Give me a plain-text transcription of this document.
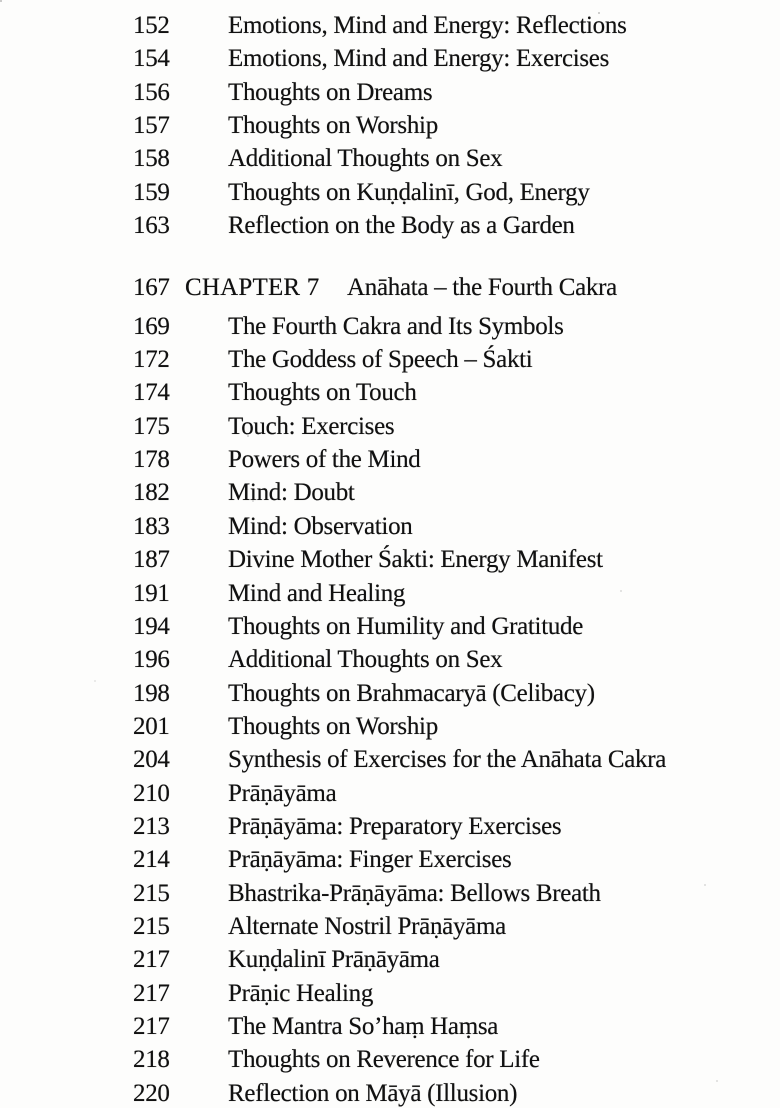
152	Emotions, Mind and Energy: Reflections
154	Emotions, Mind and Energy: Exercises
156	Thoughts on Dreams
157	Thoughts on Worship
158	Additional Thoughts on Sex
159	Thoughts on Kuṇḍalinī, God, Energy
163	Reflection on the Body as a Garden
167 CHAPTER 7	Anāhata – the Fourth Cakra
169	The Fourth Cakra and Its Symbols
172	The Goddess of Speech – Śakti
174	Thoughts on Touch
175	Touch: Exercises
178	Powers of the Mind
182	Mind: Doubt
183	Mind: Observation
187	Divine Mother Śakti: Energy Manifest
191	Mind and Healing
194	Thoughts on Humility and Gratitude
196	Additional Thoughts on Sex
198	Thoughts on Brahmacaryā (Celibacy)
201	Thoughts on Worship
204	Synthesis of Exercises for the Anāhata Cakra
210	Prāṇāyāma
213	Prāṇāyāma: Preparatory Exercises
214	Prāṇāyāma: Finger Exercises
215	Bhastrika-Prāṇāyāma: Bellows Breath
215	Alternate Nostril Prāṇāyāma
217	Kuṇḍalinī Prāṇāyāma
217	Prāṇic Healing
217	The Mantra So’haṃ Haṃsa
218	Thoughts on Reverence for Life
220	Reflection on Māyā (Illusion)
